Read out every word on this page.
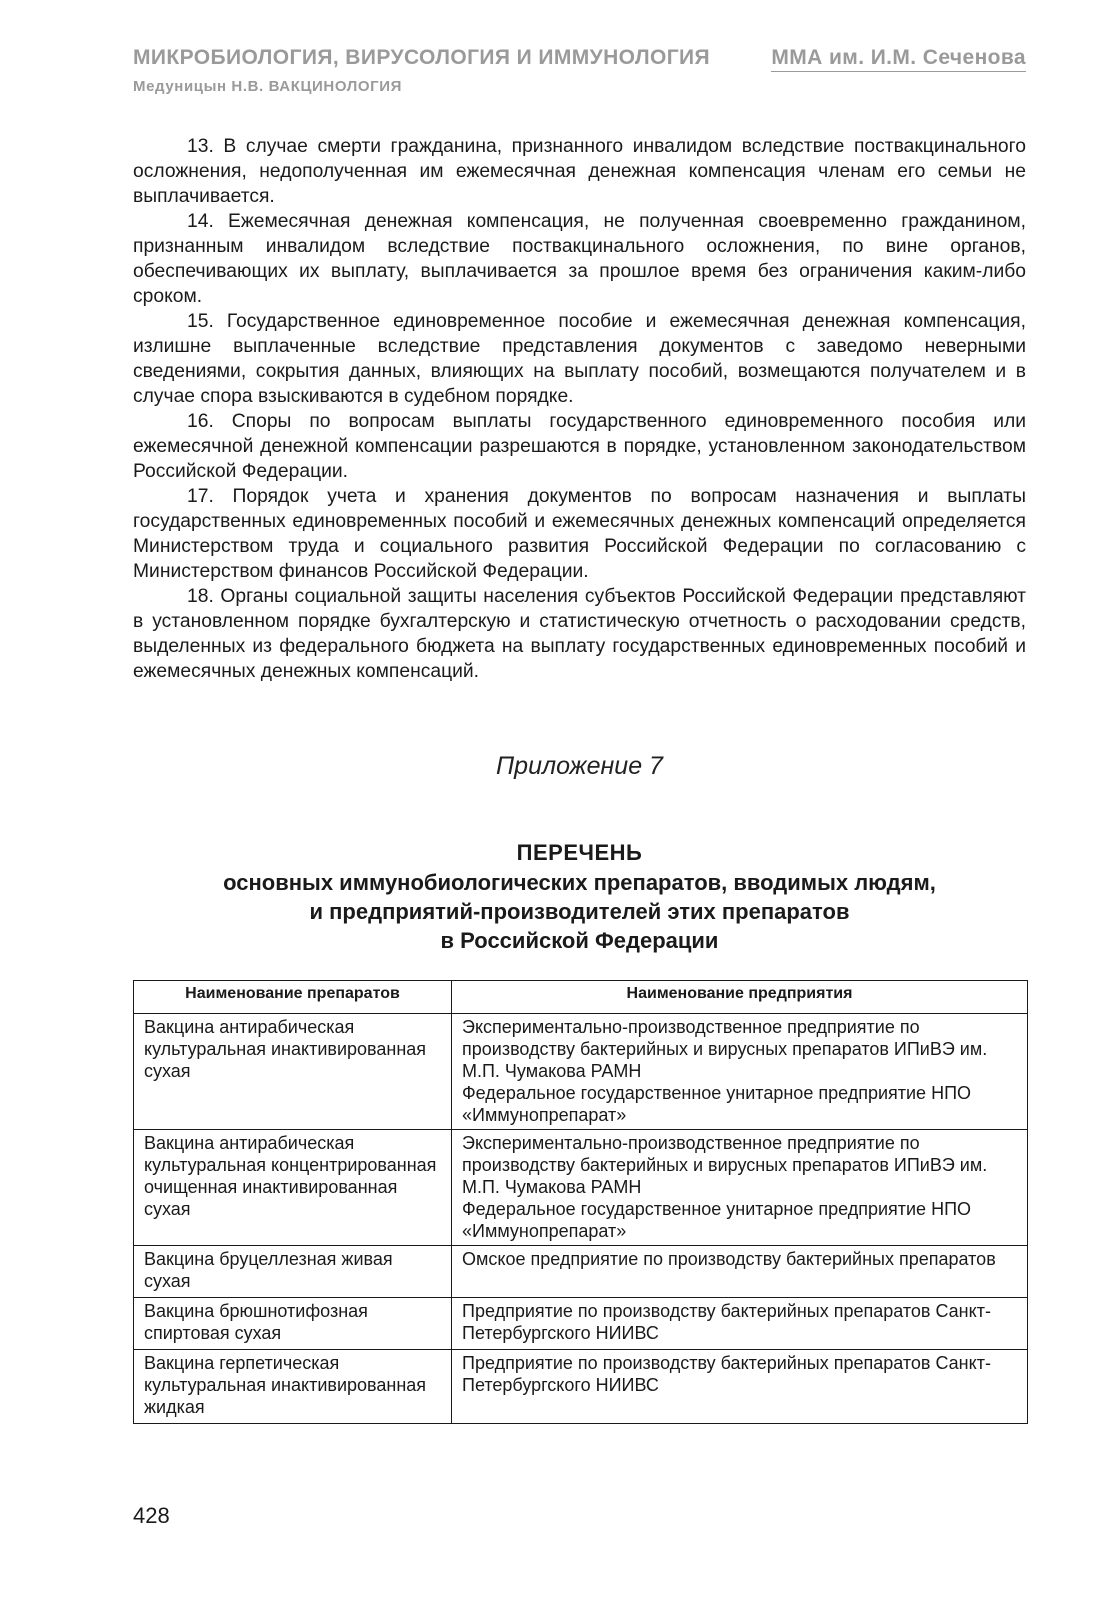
МИКРОБИОЛОГИЯ, ВИРУСОЛОГИЯ И ИММУНОЛОГИЯ	ММА им. И.М. Сеченова
Медуницын Н.В. ВАКЦИНОЛОГИЯ

13. В случае смерти гражданина, признанного инвалидом вследствие поствакцинального осложнения, недополученная им ежемесячная денежная компенсация членам его семьи не выплачивается.

14. Ежемесячная денежная компенсация, не полученная своевременно гражданином, признанным инвалидом вследствие поствакцинального осложнения, по вине органов, обеспечивающих их выплату, выплачивается за прошлое время без ограничения каким-либо сроком.

15. Государственное единовременное пособие и ежемесячная денежная компенсация, излишне выплаченные вследствие представления документов с заведомо неверными сведениями, сокрытия данных, влияющих на выплату пособий, возмещаются получателем и в случае спора взыскиваются в судебном порядке.

16. Споры по вопросам выплаты государственного единовременного пособия или ежемесячной денежной компенсации разрешаются в порядке, установленном законодательством Российской Федерации.

17. Порядок учета и хранения документов по вопросам назначения и выплаты государственных единовременных пособий и ежемесячных денежных компенсаций определяется Министерством труда и социального развития Российской Федерации по согласованию с Министерством финансов Российской Федерации.

18. Органы социальной защиты населения субъектов Российской Федерации представляют в установленном порядке бухгалтерскую и статистическую отчетность о расходовании средств, выделенных из федерального бюджета на выплату государственных единовременных пособий и ежемесячных денежных компенсаций.

Приложение 7
ПЕРЕЧЕНЬ
основных иммунобиологических препаратов, вводимых людям,
и предприятий-производителей этих препаратов
в Российской Федерации
Наименование препаратов	Наименование предприятия
Вакцина антирабическая культуральная инактивированная сухая	Экспериментально-производственное предприятие по производству бактерийных и вирусных препаратов ИПиВЭ им. М.П. Чумакова РАМН
Федеральное государственное унитарное предприятие НПО «Иммунопрепарат»

Вакцина антирабическая культуральная концентрированная очищенная инактивированная сухая	Экспериментально-производственное предприятие по производству бактерийных и вирусных препаратов ИПиВЭ им. М.П. Чумакова РАМН
Федеральное государственное унитарное предприятие НПО «Иммунопрепарат»

Вакцина бруцеллезная живая сухая	Омское предприятие по производству бактерийных препаратов

Вакцина брюшнотифозная спиртовая сухая	Предприятие по производству бактерийных препаратов Санкт-Петербургского НИИВС

Вакцина герпетическая культуральная инактивированная жидкая	Предприятие по производству бактерийных препаратов Санкт-Петербургского НИИВС
428
